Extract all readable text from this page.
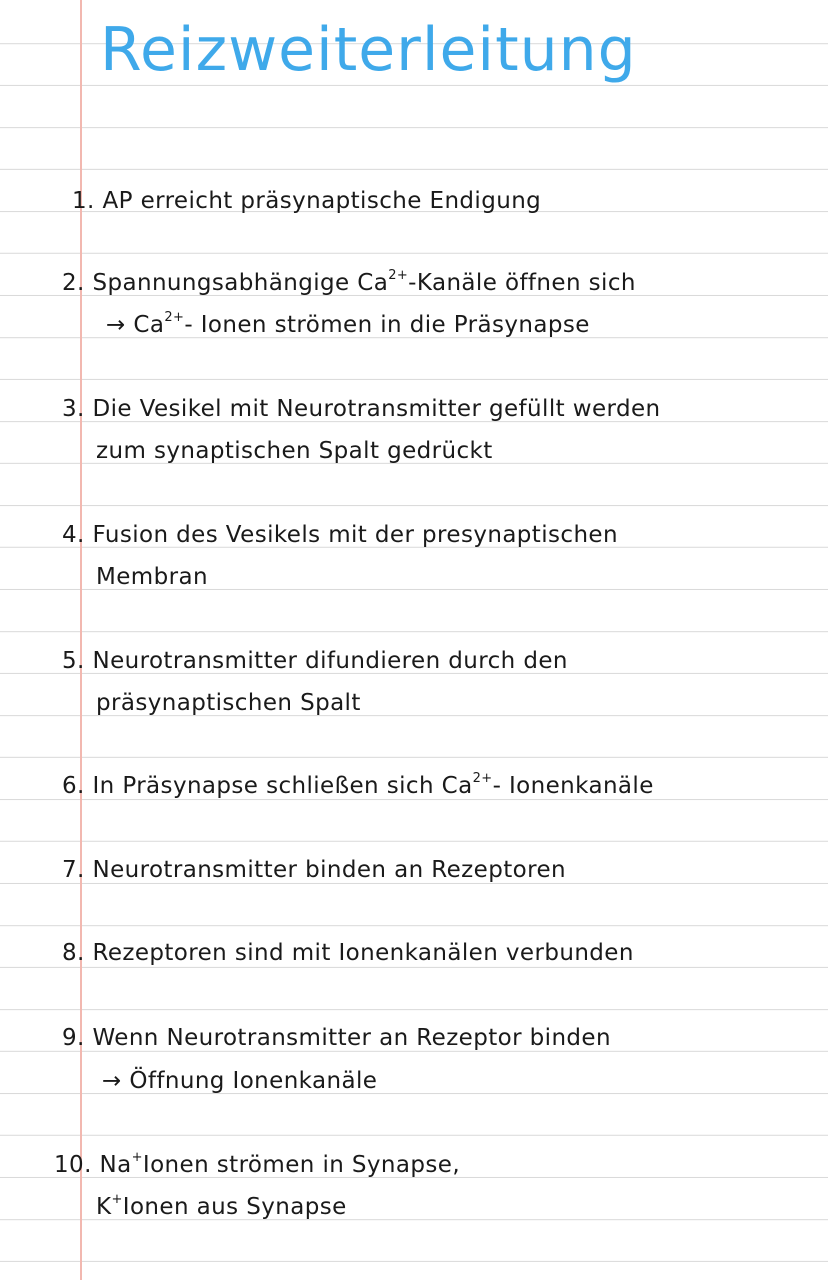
Reizweiterleitung
1. AP erreicht präsynaptische Endigung
2. Spannungsabhängige $Ca^{2+}$-Kanäle öffnen sich
→ $Ca^{2+}-$ Ionen strömen in die Präsynapse
3. Die Vesikel mit Neurotransmitter gefüllt werden
zum synaptischen Spalt gedrückt
4. Fusion des Vesikels mit der presynaptischen
Membran
5. Neurotransmitter difundieren durch den
präsynaptischen Spalt
6. In Präsynapse schließen sich $Ca^{2+}-$ Ionenkanäle
7. Neurotransmitter binden an Rezeptoren
8. Rezeptoren sind mit Ionenkanälen verbunden
9. Wenn Neurotransmitter an Rezeptor binden
→ Öffnung Ionenkanäle
10. Na+Ionen strömen in Synapse,
K+Ionen aus Synapse
